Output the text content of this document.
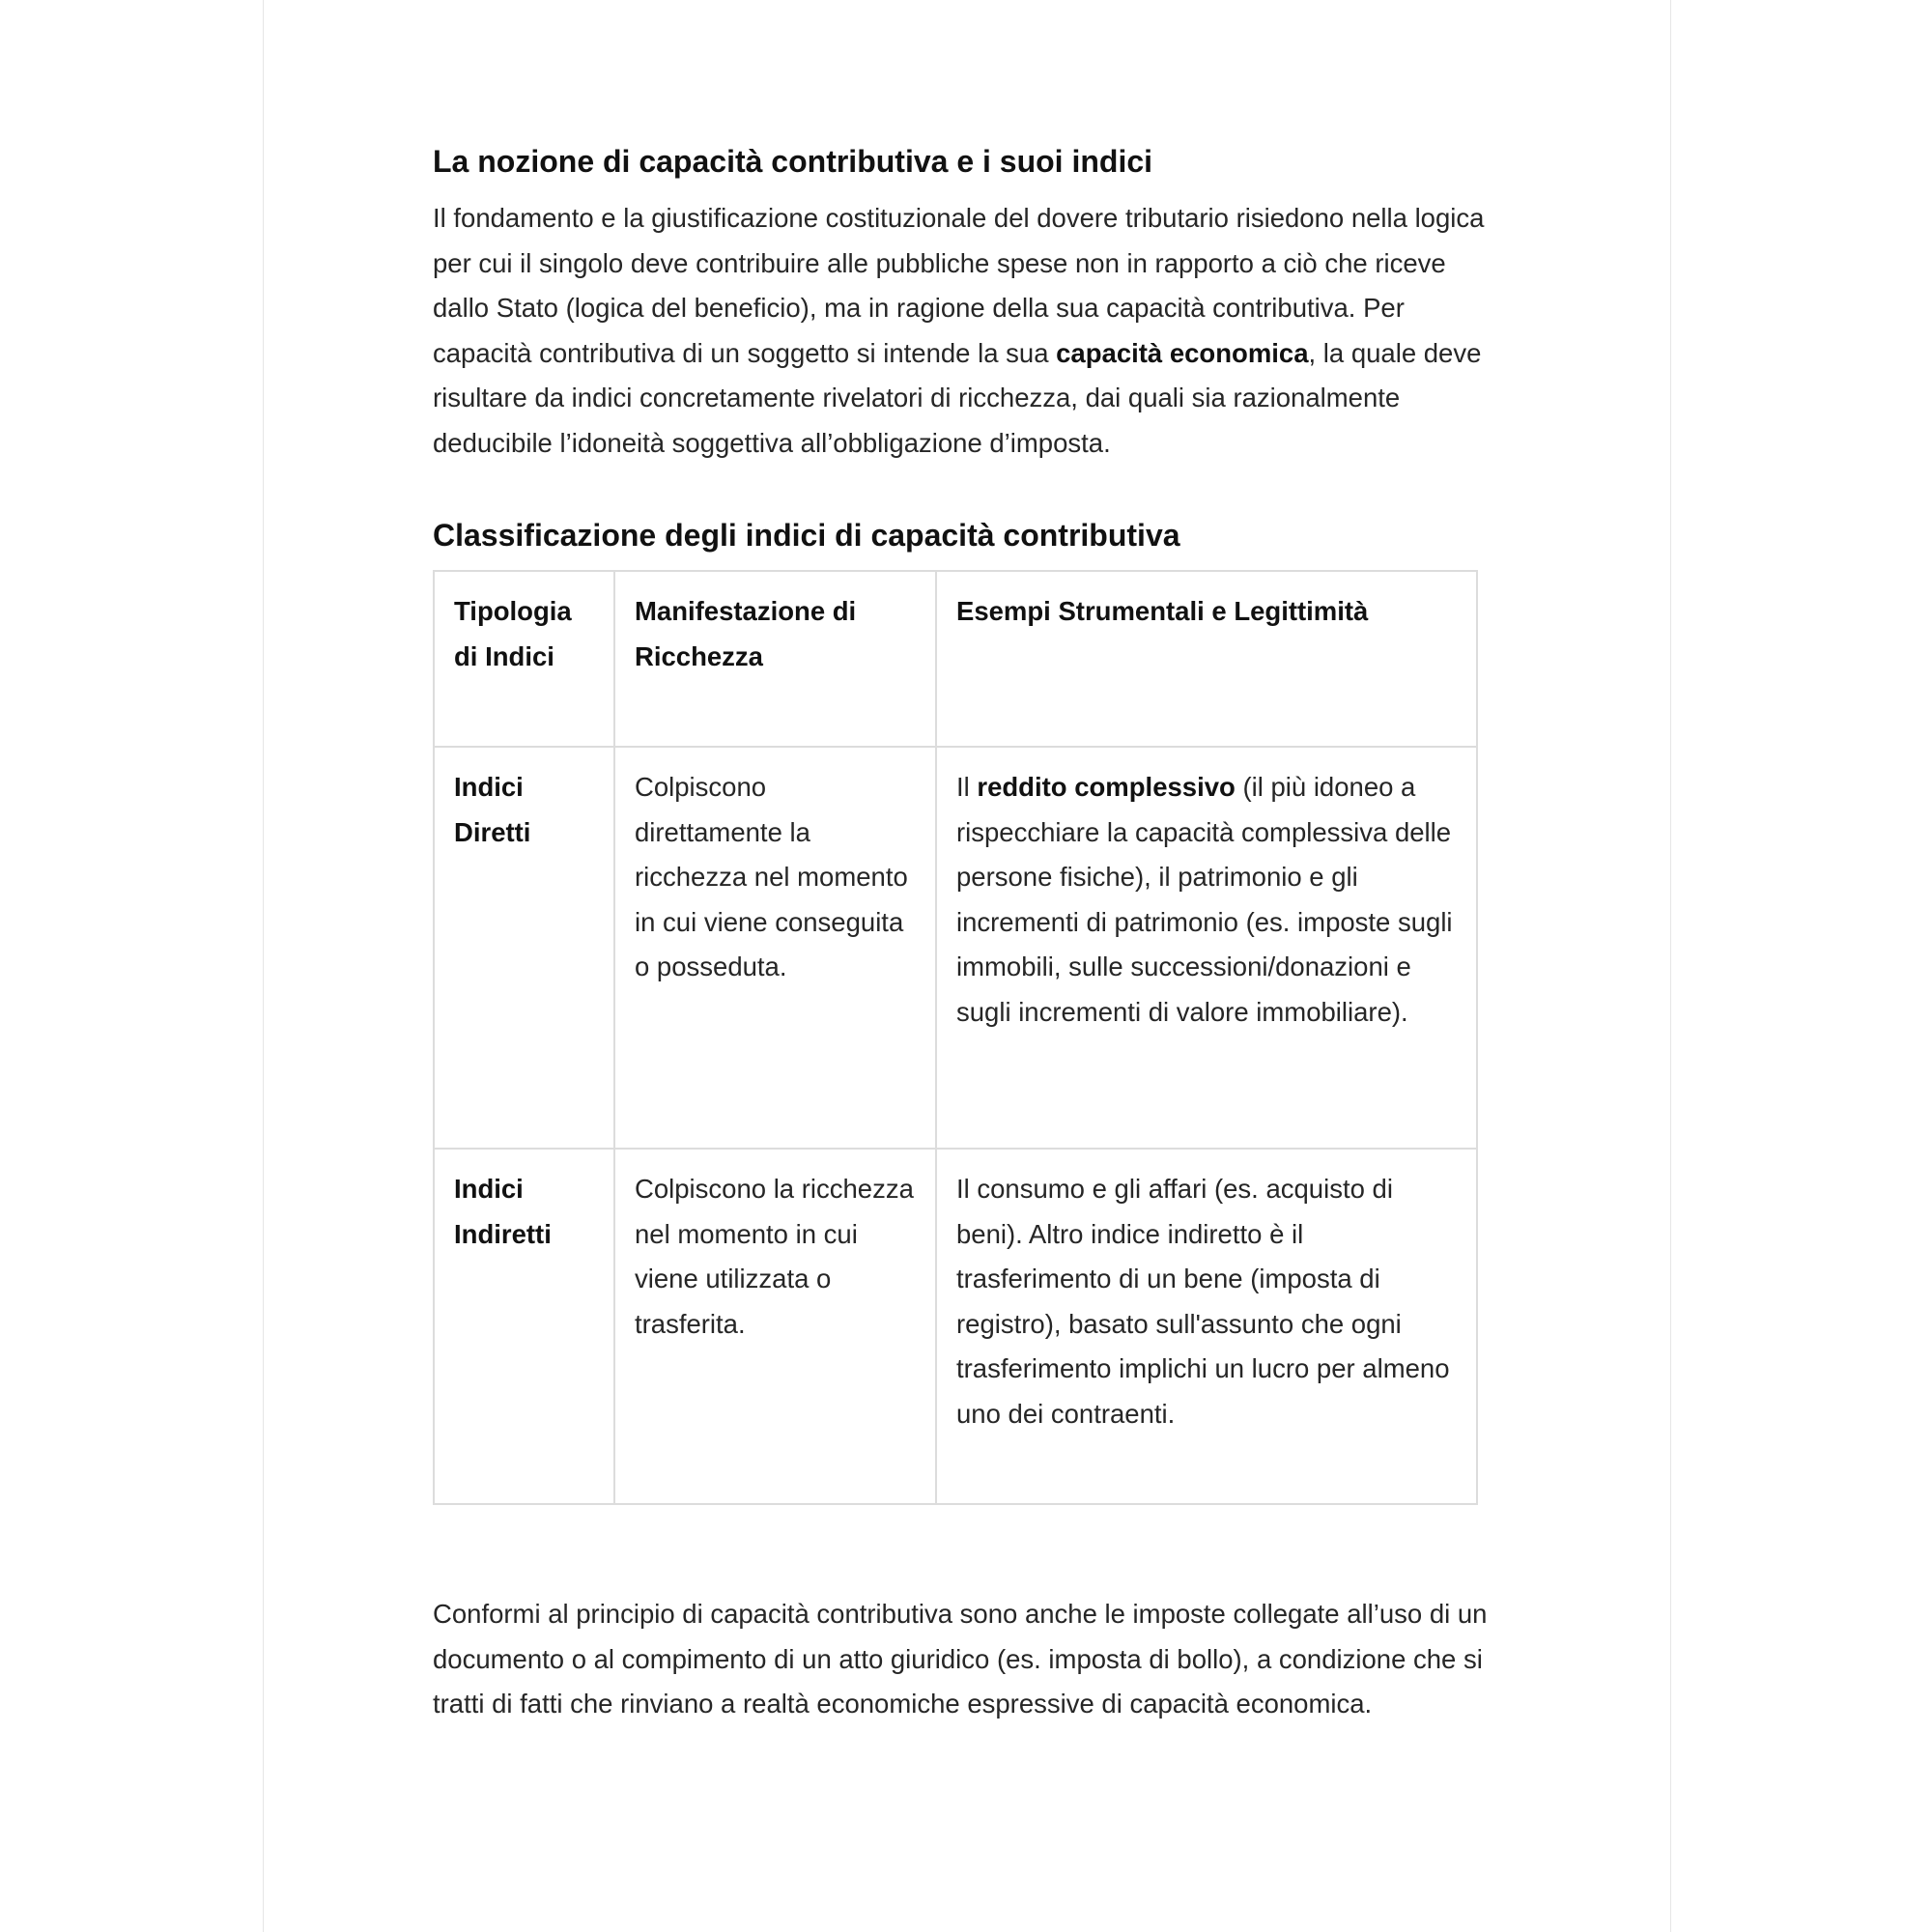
La nozione di capacità contributiva e i suoi indici

Il fondamento e la giustificazione costituzionale del dovere tributario risiedono nella logica per cui il singolo deve contribuire alle pubbliche spese non in rapporto a ciò che riceve dallo Stato (logica del beneficio), ma in ragione della sua capacità contributiva. Per capacità contributiva di un soggetto si intende la sua capacità economica, la quale deve risultare da indici concretamente rivelatori di ricchezza, dai quali sia razionalmente deducibile l’idoneità soggettiva all’obbligazione d’imposta.

Classificazione degli indici di capacità contributiva
Tipologia di Indici	Manifestazione di Ricchezza	Esempi Strumentali e Legittimità
Indici Diretti	Colpiscono direttamente la ricchezza nel momento in cui viene conseguita o posseduta.	Il reddito complessivo (il più idoneo a rispecchiare la capacità complessiva delle persone fisiche), il patrimonio e gli incrementi di patrimonio (es. imposte sugli immobili, sulle successioni/donazioni e sugli incrementi di valore immobiliare).
Indici Indiretti	Colpiscono la ricchezza nel momento in cui viene utilizzata o trasferita.	Il consumo e gli affari (es. acquisto di beni). Altro indice indiretto è il trasferimento di un bene (imposta di registro), basato sull'assunto che ogni trasferimento implichi un lucro per almeno uno dei contraenti.

Conformi al principio di capacità contributiva sono anche le imposte collegate all’uso di un documento o al compimento di un atto giuridico (es. imposta di bollo), a condizione che si tratti di fatti che rinviano a realtà economiche espressive di capacità economica.
